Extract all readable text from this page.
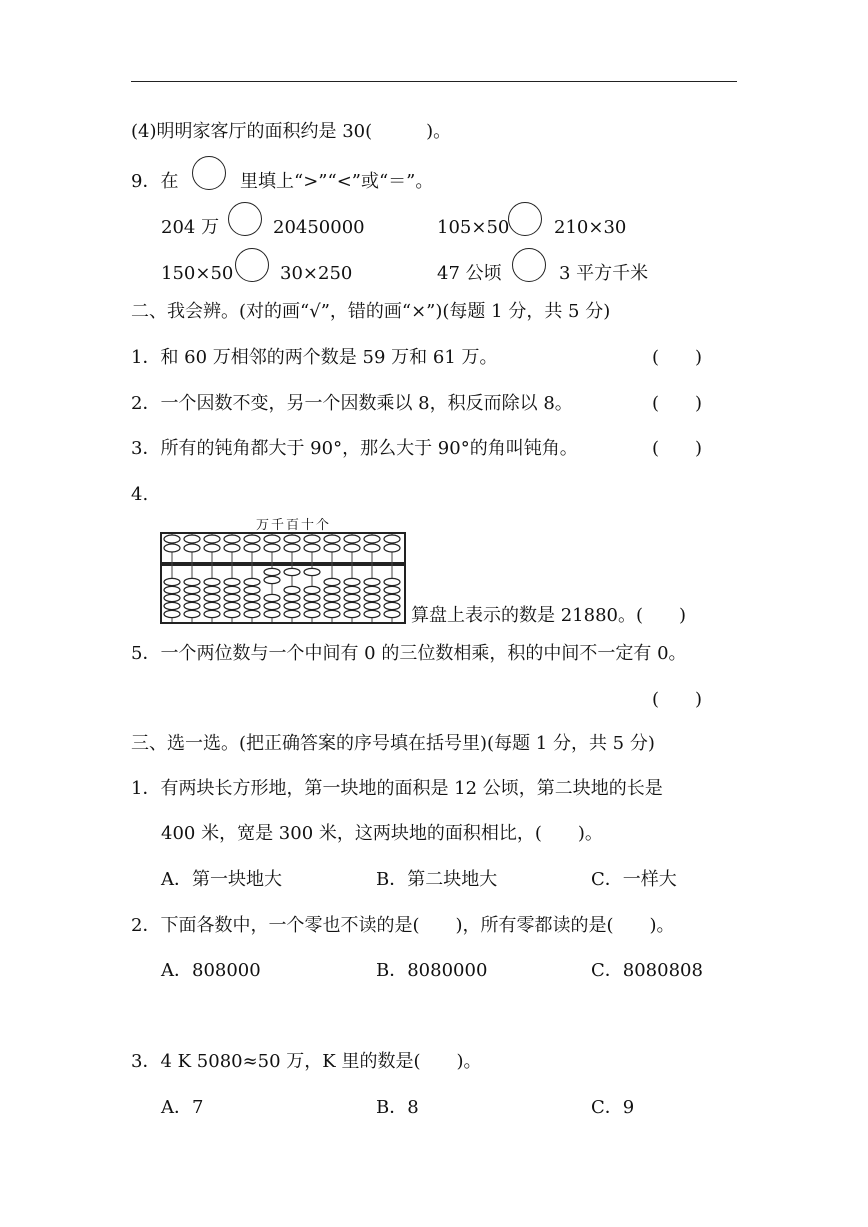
(4)明明家客厅的面积约是 30(　　　)。
9．在	里填上“>”“<”或“＝”。
204 万	20450000	105×50 210×30
150×50	30×250	47 公顷	3 平方千米
二、我会辨。(对的画“√”，错的画“×”)(每题 1 分，共 5 分)
1．和 60 万相邻的两个数是 59 万和 61 万。	(　　)
2．一个因数不变，另一个因数乘以 8，积反而除以 8。	(　　)
3．所有的钝角都大于 90°，那么大于 90°的角叫钝角。	(　　)
4.
万千百十个
算盘上表示的数是 21880。(　　)
5．一个两位数与一个中间有 0 的三位数相乘，积的中间不一定有 0。
(　　)
三、选一选。(把正确答案的序号填在括号里)(每题 1 分，共 5 分)
1．有两块长方形地，第一块地的面积是 12 公顷，第二块地的长是
400 米，宽是 300 米，这两块地的面积相比，(　　)。
A．第一块地大	B．第二块地大	C．一样大
2．下面各数中，一个零也不读的是(　　)，所有零都读的是(　　)。
A．808000	B．8080000	C．8080808
3．4 K 5080≈50 万，K 里的数是(　　)。
A．7	B．8	C．9
